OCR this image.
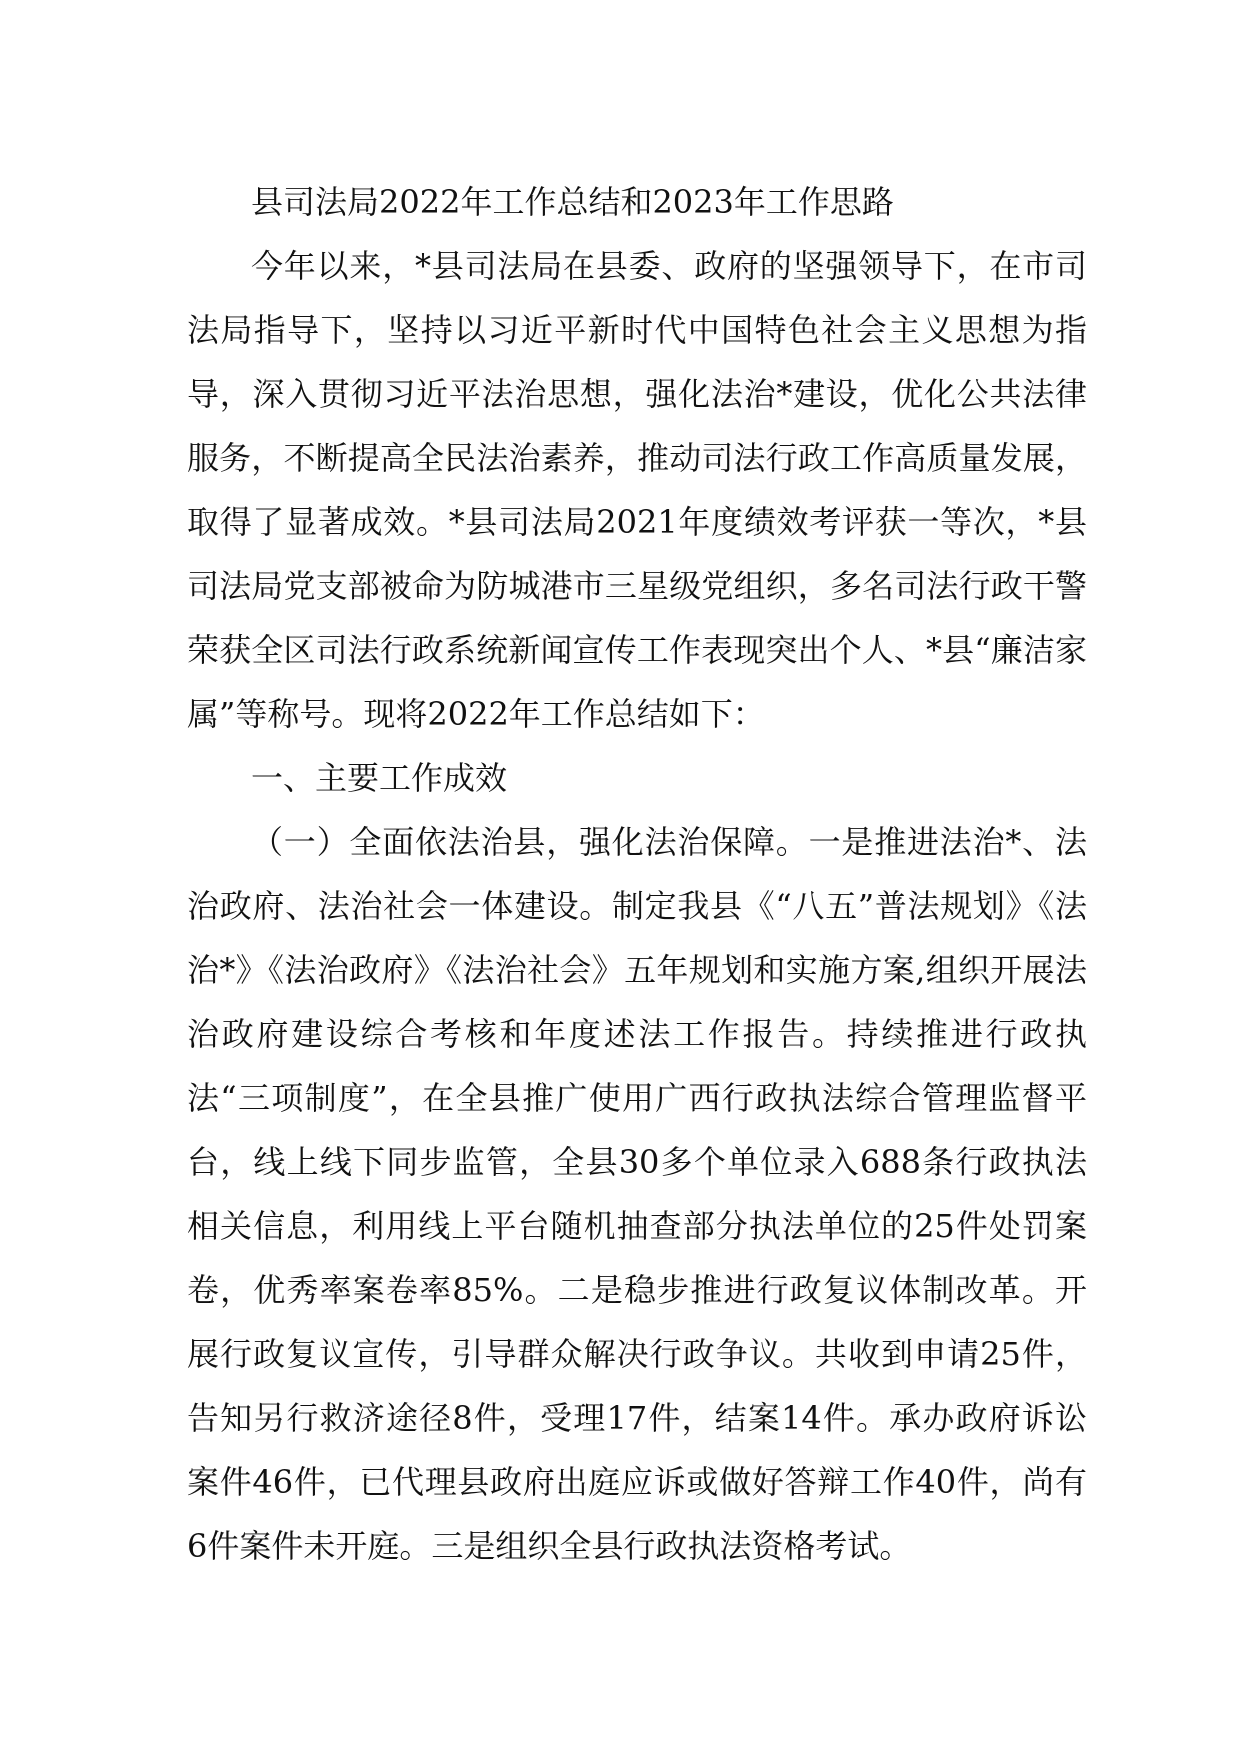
县司法局2022年工作总结和2023年工作思路

今年以来，*县司法局在县委、政府的坚强领导下，在市司法局指导下，坚持以习近平新时代中国特色社会主义思想为指导，深入贯彻习近平法治思想，强化法治*建设，优化公共法律服务，不断提高全民法治素养，推动司法行政工作高质量发展，取得了显著成效。*县司法局2021年度绩效考评获一等次，*县司法局党支部被命为防城港市三星级党组织，多名司法行政干警荣获全区司法行政系统新闻宣传工作表现突出个人、*县“廉洁家属”等称号。现将2022年工作总结如下：

一、主要工作成效

（一）全面依法治县，强化法治保障。一是推进法治*、法治政府、法治社会一体建设。制定我县《“八五”普法规划》《法治*》《法治政府》《法治社会》五年规划和实施方案,组织开展法治政府建设综合考核和年度述法工作报告。持续推进行政执法“三项制度”，在全县推广使用广西行政执法综合管理监督平台，线上线下同步监管，全县30多个单位录入688条行政执法相关信息，利用线上平台随机抽查部分执法单位的25件处罚案卷，优秀率案卷率85%。二是稳步推进行政复议体制改革。开展行政复议宣传，引导群众解决行政争议。共收到申请25件，告知另行救济途径8件，受理17件，结案14件。承办政府诉讼案件46件，已代理县政府出庭应诉或做好答辩工作40件，尚有6件案件未开庭。三是组织全县行政执法资格考试。
